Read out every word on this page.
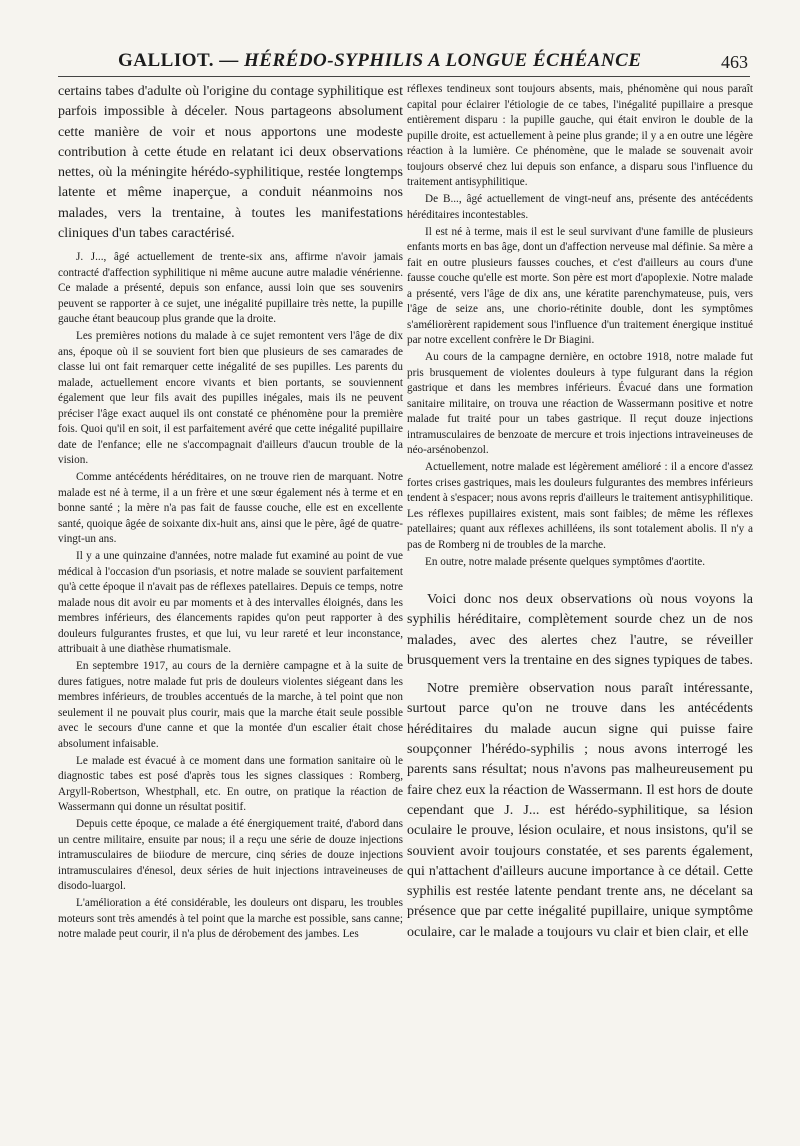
GALLIOT. — HÉRÉDO-SYPHILIS A LONGUE ÉCHÉANCE	463

certains tabes d'adulte où l'origine du contage syphilitique est parfois impossible à déceler. Nous partageons absolument cette manière de voir et nous apportons une modeste contribution à cette étude en relatant ici deux observations nettes, où la méningite hérédo-syphilitique, restée longtemps latente et même inaperçue, a conduit néanmoins nos malades, vers la trentaine, à toutes les manifestations cliniques d'un tabes caractérisé.

J. J..., âgé actuellement de trente-six ans, affirme n'avoir jamais contracté d'affection syphilitique ni même aucune autre maladie vénérienne. Ce malade a présenté, depuis son enfance, aussi loin que ses souvenirs peuvent se rapporter à ce sujet, une inégalité pupillaire très nette, la pupille gauche étant beaucoup plus grande que la droite.

Les premières notions du malade à ce sujet remontent vers l'âge de dix ans, époque où il se souvient fort bien que plusieurs de ses camarades de classe lui ont fait remarquer cette inégalité de ses pupilles. Les parents du malade, actuellement encore vivants et bien portants, se souviennent également que leur fils avait des pupilles inégales, mais ils ne peuvent préciser l'âge exact auquel ils ont constaté ce phénomène pour la première fois. Quoi qu'il en soit, il est parfaitement avéré que cette inégalité pupillaire date de l'enfance; elle ne s'accompagnait d'ailleurs d'aucun trouble de la vision.

Comme antécédents héréditaires, on ne trouve rien de marquant. Notre malade est né à terme, il a un frère et une sœur également nés à terme et en bonne santé ; la mère n'a pas fait de fausse couche, elle est en excellente santé, quoique âgée de soixante dix-huit ans, ainsi que le père, âgé de quatre-vingt-un ans.

Il y a une quinzaine d'années, notre malade fut examiné au point de vue médical à l'occasion d'un psoriasis, et notre malade se souvient parfaitement qu'à cette époque il n'avait pas de réflexes patellaires. Depuis ce temps, notre malade nous dit avoir eu par moments et à des intervalles éloignés, dans les membres inférieurs, des élancements rapides qu'on peut rapporter à des douleurs fulgurantes frustes, et que lui, vu leur rareté et leur inconstance, attribuait à une diathèse rhumatismale.

En septembre 1917, au cours de la dernière campagne et à la suite de dures fatigues, notre malade fut pris de douleurs violentes siégeant dans les membres inférieurs, de troubles accentués de la marche, à tel point que non seulement il ne pouvait plus courir, mais que la marche était seule possible avec le secours d'une canne et que la montée d'un escalier était chose absolument infaisable.

Le malade est évacué à ce moment dans une formation sanitaire où le diagnostic tabes est posé d'après tous les signes classiques : Romberg, Argyll-Robertson, Whestphall, etc. En outre, on pratique la réaction de Wassermann qui donne un résultat positif.

Depuis cette époque, ce malade a été énergiquement traité, d'abord dans un centre militaire, ensuite par nous; il a reçu une série de douze injections intramusculaires de biiodure de mercure, cinq séries de douze injections intramusculaires d'énesol, deux séries de huit injections intraveineuses de disodo-luargol.

L'amélioration a été considérable, les douleurs ont disparu, les troubles moteurs sont très amendés à tel point que la marche est possible, sans canne; notre malade peut courir, il n'a plus de dérobement des jambes. Les

réflexes tendineux sont toujours absents, mais, phénomène qui nous paraît capital pour éclairer l'étiologie de ce tabes, l'inégalité pupillaire a presque entièrement disparu : la pupille gauche, qui était environ le double de la pupille droite, est actuellement à peine plus grande; il y a en outre une légère réaction à la lumière. Ce phénomène, que le malade se souvenait avoir toujours observé chez lui depuis son enfance, a disparu sous l'influence du traitement antisyphilitique.

De B..., âgé actuellement de vingt-neuf ans, présente des antécédents héréditaires incontestables.

Il est né à terme, mais il est le seul survivant d'une famille de plusieurs enfants morts en bas âge, dont un d'affection nerveuse mal définie. Sa mère a fait en outre plusieurs fausses couches, et c'est d'ailleurs au cours d'une fausse couche qu'elle est morte. Son père est mort d'apoplexie. Notre malade a présenté, vers l'âge de dix ans, une kératite parenchymateuse, puis, vers l'âge de seize ans, une chorio-rétinite double, dont les symptômes s'améliorèrent rapidement sous l'influence d'un traitement énergique institué par notre excellent confrère le Dr Biagini.

Au cours de la campagne dernière, en octobre 1918, notre malade fut pris brusquement de violentes douleurs à type fulgurant dans la région gastrique et dans les membres inférieurs. Évacué dans une formation sanitaire militaire, on trouva une réaction de Wassermann positive et notre malade fut traité pour un tabes gastrique. Il reçut douze injections intramusculaires de benzoate de mercure et trois injections intraveineuses de néo-arsénobenzol.

Actuellement, notre malade est légèrement amélioré : il a encore d'assez fortes crises gastriques, mais les douleurs fulgurantes des membres inférieurs tendent à s'espacer; nous avons repris d'ailleurs le traitement antisyphilitique. Les réflexes pupillaires existent, mais sont faibles; de même les réflexes patellaires; quant aux réflexes achilléens, ils sont totalement abolis. Il n'y a pas de Romberg ni de troubles de la marche.

En outre, notre malade présente quelques symptômes d'aortite.

Voici donc nos deux observations où nous voyons la syphilis héréditaire, complètement sourde chez un de nos malades, avec des alertes chez l'autre, se réveiller brusquement vers la trentaine en des signes typiques de tabes.

Notre première observation nous paraît intéressante, surtout parce qu'on ne trouve dans les antécédents héréditaires du malade aucun signe qui puisse faire soupçonner l'hérédo-syphilis ; nous avons interrogé les parents sans résultat; nous n'avons pas malheureusement pu faire chez eux la réaction de Wassermann. Il est hors de doute cependant que J. J... est hérédo-syphilitique, sa lésion oculaire le prouve, lésion oculaire, et nous insistons, qu'il se souvient avoir toujours constatée, et ses parents également, qui n'attachent d'ailleurs aucune importance à ce détail. Cette syphilis est restée latente pendant trente ans, ne décelant sa présence que par cette inégalité pupillaire, unique symptôme oculaire, car le malade a toujours vu clair et bien clair, et elle
